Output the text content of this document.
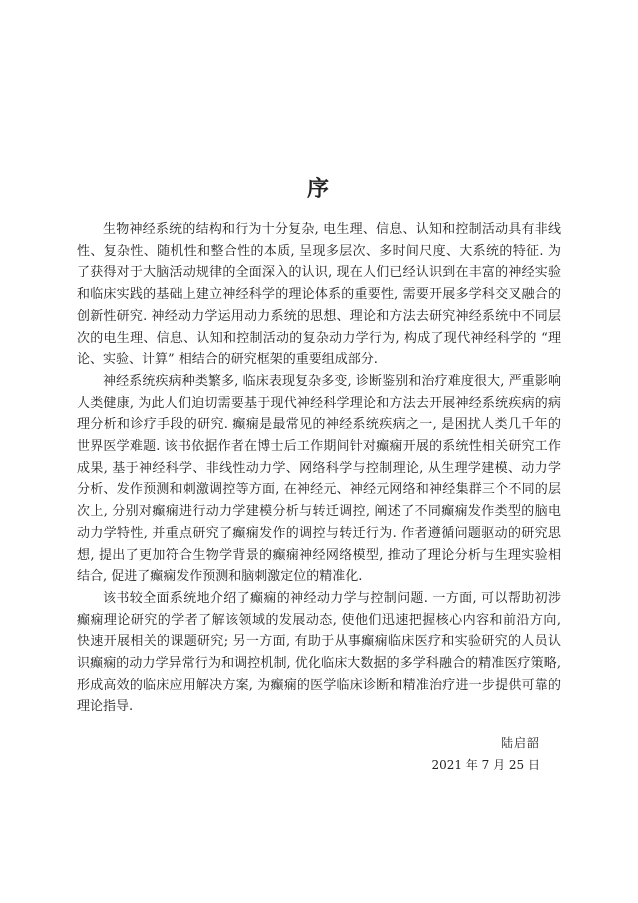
序

生物神经系统的结构和行为十分复杂, 电生理、信息、认知和控制活动具有非线性、复杂性、随机性和整合性的本质, 呈现多层次、多时间尺度、大系统的特征. 为了获得对于大脑活动规律的全面深入的认识, 现在人们已经认识到在丰富的神经实验和临床实践的基础上建立神经科学的理论体系的重要性, 需要开展多学科交叉融合的创新性研究. 神经动力学运用动力系统的思想、理论和方法去研究神经系统中不同层次的电生理、信息、认知和控制活动的复杂动力学行为, 构成了现代神经科学的 “理论、实验、计算” 相结合的研究框架的重要组成部分.

神经系统疾病种类繁多, 临床表现复杂多变, 诊断鉴别和治疗难度很大, 严重影响人类健康, 为此人们迫切需要基于现代神经科学理论和方法去开展神经系统疾病的病理分析和诊疗手段的研究. 癫痫是最常见的神经系统疾病之一, 是困扰人类几千年的世界医学难题. 该书依据作者在博士后工作期间针对癫痫开展的系统性相关研究工作成果, 基于神经科学、非线性动力学、网络科学与控制理论, 从生理学建模、动力学分析、发作预测和刺激调控等方面, 在神经元、神经元网络和神经集群三个不同的层次上, 分别对癫痫进行动力学建模分析与转迁调控, 阐述了不同癫痫发作类型的脑电动力学特性, 并重点研究了癫痫发作的调控与转迁行为. 作者遵循问题驱动的研究思想, 提出了更加符合生物学背景的癫痫神经网络模型, 推动了理论分析与生理实验相结合, 促进了癫痫发作预测和脑刺激定位的精准化.

该书较全面系统地介绍了癫痫的神经动力学与控制问题. 一方面, 可以帮助初涉癫痫理论研究的学者了解该领域的发展动态, 使他们迅速把握核心内容和前沿方向, 快速开展相关的课题研究; 另一方面, 有助于从事癫痫临床医疗和实验研究的人员认识癫痫的动力学异常行为和调控机制, 优化临床大数据的多学科融合的精准医疗策略, 形成高效的临床应用解决方案, 为癫痫的医学临床诊断和精准治疗进一步提供可靠的理论指导.

陆启韶
2021 年 7 月 25 日
